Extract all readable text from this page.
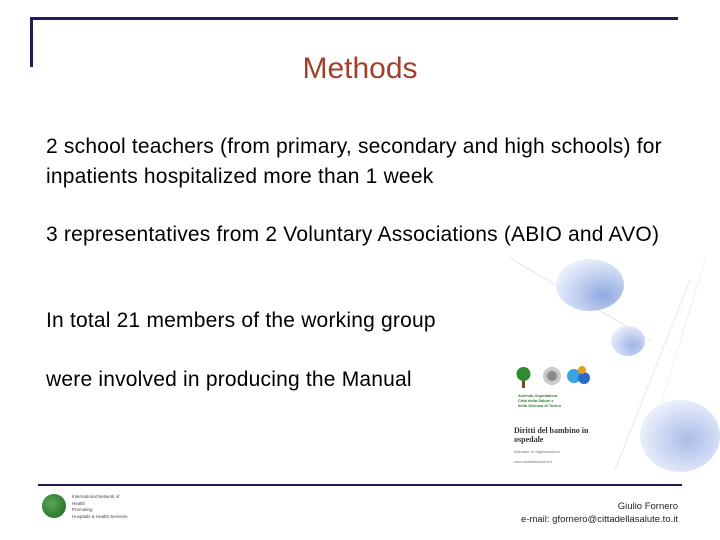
Methods
2 school teachers (from primary, secondary and high schools) for inpatients hospitalized more than 1 week
3 representatives from 2 Voluntary Associations (ABIO and AVO)
In total 21 members of the working group
were involved in producing the Manual
Azienda Ospedaliera
Città della Salute e
della Scienza di Torino
Diritti del bambino in ospedale
Manuale di miglioramento
www.cittadellasalute.to.it
International Network of
Health
Promoting
Hospitals & Health Services
Giulio Fornero
e-mail: gfornero@cittadellasalute.to.it
